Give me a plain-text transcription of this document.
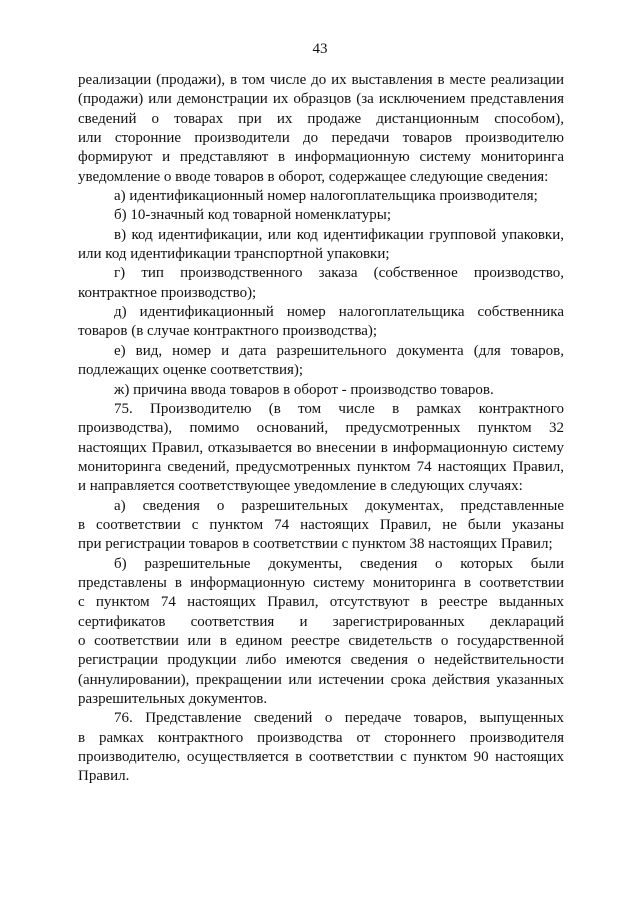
43
реализации (продажи), в том числе до их выставления в месте реализации
(продажи) или демонстрации их образцов (за исключением представления
сведений о товарах при их продаже дистанционным способом),
или сторонние производители до передачи товаров производителю
формируют и представляют в информационную систему мониторинга
уведомление о вводе товаров в оборот, содержащее следующие сведения:
а) идентификационный номер налогоплательщика производителя;
б) 10-значный код товарной номенклатуры;
в) код идентификации, или код идентификации групповой упаковки,
или код идентификации транспортной упаковки;
г) тип производственного заказа (собственное производство,
контрактное производство);
д) идентификационный номер налогоплательщика собственника
товаров (в случае контрактного производства);
е) вид, номер и дата разрешительного документа (для товаров,
подлежащих оценке соответствия);
ж) причина ввода товаров в оборот - производство товаров.
75. Производителю (в том числе в рамках контрактного
производства), помимо оснований, предусмотренных пунктом 32
настоящих Правил, отказывается во внесении в информационную систему
мониторинга сведений, предусмотренных пунктом 74 настоящих Правил,
и направляется соответствующее уведомление в следующих случаях:
а) сведения о разрешительных документах, представленные
в соответствии с пунктом 74 настоящих Правил, не были указаны
при регистрации товаров в соответствии с пунктом 38 настоящих Правил;
б) разрешительные документы, сведения о которых были
представлены в информационную систему мониторинга в соответствии
с пунктом 74 настоящих Правил, отсутствуют в реестре выданных
сертификатов соответствия и зарегистрированных деклараций
о соответствии или в едином реестре свидетельств о государственной
регистрации продукции либо имеются сведения о недействительности
(аннулировании), прекращении или истечении срока действия указанных
разрешительных документов.
76. Представление сведений о передаче товаров, выпущенных
в рамках контрактного производства от стороннего производителя
производителю, осуществляется в соответствии с пунктом 90 настоящих
Правил.
